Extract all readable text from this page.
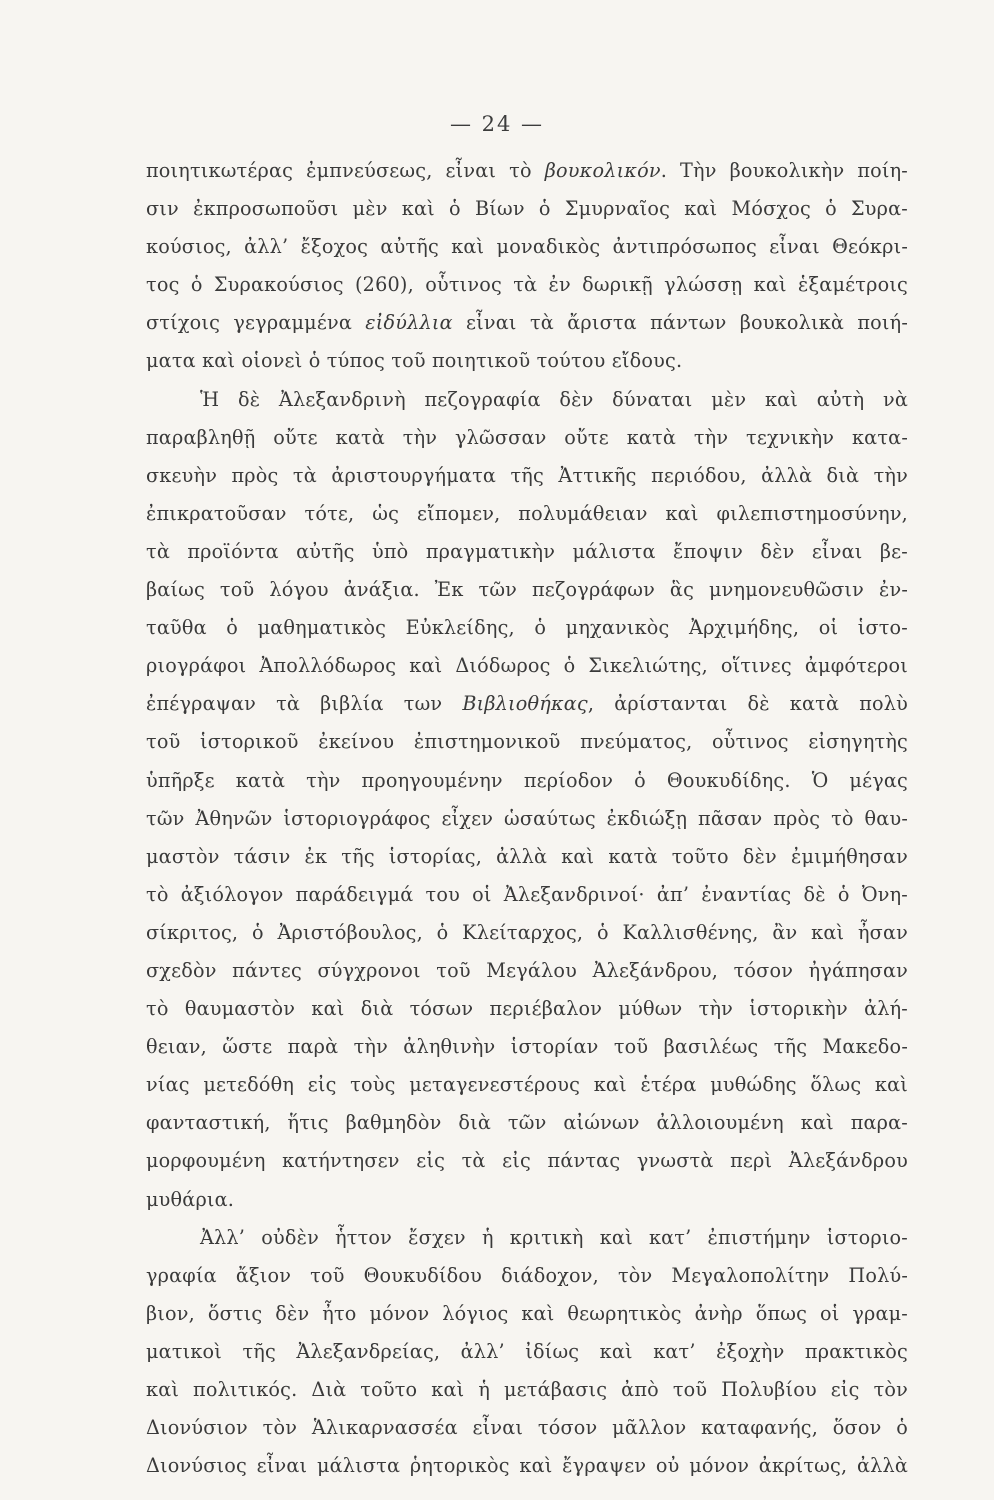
— 24 —
ποιητικωτέρας ἐμπνεύσεως, εἶναι τὸ βουκολικόν. Τὴν βουκολικὴν ποίη-
σιν ἐκπροσωποῦσι μὲν καὶ ὁ Βίων ὁ Σμυρναῖος καὶ Μόσχος ὁ Συρα-
κούσιος, ἀλλ’ ἔξοχος αὐτῆς καὶ μοναδικὸς ἀντιπρόσωπος εἶναι Θεόκρι-
τος ὁ Συρακούσιος (260), οὗτινος τὰ ἐν δωρικῇ γλώσσῃ καὶ ἑξαμέτροις
στίχοις γεγραμμένα εἰδύλλια εἶναι τὰ ἄριστα πάντων βουκολικὰ ποιή-
ματα καὶ οἱονεὶ ὁ τύπος τοῦ ποιητικοῦ τούτου εἴδους.
Ἡ δὲ Ἀλεξανδρινὴ πεζογραφία δὲν δύναται μὲν καὶ αὐτὴ νὰ
παραβληθῇ οὔτε κατὰ τὴν γλῶσσαν οὔτε κατὰ τὴν τεχνικὴν κατα-
σκευὴν πρὸς τὰ ἀριστουργήματα τῆς Ἀττικῆς περιόδου, ἀλλὰ διὰ τὴν
ἐπικρατοῦσαν τότε, ὡς εἴπομεν, πολυμάθειαν καὶ φιλεπιστημοσύνην,
τὰ προϊόντα αὐτῆς ὑπὸ πραγματικὴν μάλιστα ἔποψιν δὲν εἶναι βε-
βαίως τοῦ λόγου ἀνάξια. Ἐκ τῶν πεζογράφων ἃς μνημονευθῶσιν ἐν-
ταῦθα ὁ μαθηματικὸς Εὐκλείδης, ὁ μηχανικὸς Ἀρχιμήδης, οἱ ἱστο-
ριογράφοι Ἀπολλόδωρος καὶ Διόδωρος ὁ Σικελιώτης, οἵτινες ἀμφότεροι
ἐπέγραψαν τὰ βιβλία των Βιβλιοθήκας, ἀρίστανται δὲ κατὰ πολὺ
τοῦ ἱστορικοῦ ἐκείνου ἐπιστημονικοῦ πνεύματος, οὗτινος εἰσηγητὴς
ὑπῆρξε κατὰ τὴν προηγουμένην περίοδον ὁ Θουκυδίδης. Ὁ μέγας
τῶν Ἀθηνῶν ἱστοριογράφος εἶχεν ὡσαύτως ἐκδιώξῃ πᾶσαν πρὸς τὸ θαυ-
μαστὸν τάσιν ἐκ τῆς ἱστορίας, ἀλλὰ καὶ κατὰ τοῦτο δὲν ἐμιμήθησαν
τὸ ἀξιόλογον παράδειγμά του οἱ Ἀλεξανδρινοί· ἀπ’ ἐναντίας δὲ ὁ Ὀνη-
σίκριτος, ὁ Ἀριστόβουλος, ὁ Κλείταρχος, ὁ Καλλισθένης, ἂν καὶ ἦσαν
σχεδὸν πάντες σύγχρονοι τοῦ Μεγάλου Ἀλεξάνδρου, τόσον ἠγάπησαν
τὸ θαυμαστὸν καὶ διὰ τόσων περιέβαλον μύθων τὴν ἱστορικὴν ἀλή-
θειαν, ὥστε παρὰ τὴν ἀληθινὴν ἱστορίαν τοῦ βασιλέως τῆς Μακεδο-
νίας μετεδόθη εἰς τοὺς μεταγενεστέρους καὶ ἑτέρα μυθώδης ὅλως καὶ
φανταστική, ἥτις βαθμηδὸν διὰ τῶν αἰώνων ἀλλοιουμένη καὶ παρα-
μορφουμένη κατήντησεν εἰς τὰ εἰς πάντας γνωστὰ περὶ Ἀλεξάνδρου
μυθάρια.
Ἀλλ’ οὐδὲν ἧττον ἔσχεν ἡ κριτικὴ καὶ κατ’ ἐπιστήμην ἱστοριο-
γραφία ἄξιον τοῦ Θουκυδίδου διάδοχον, τὸν Μεγαλοπολίτην Πολύ-
βιον, ὅστις δὲν ἦτο μόνον λόγιος καὶ θεωρητικὸς ἀνὴρ ὅπως οἱ γραμ-
ματικοὶ τῆς Ἀλεξανδρείας, ἀλλ’ ἰδίως καὶ κατ’ ἐξοχὴν πρακτικὸς
καὶ πολιτικός. Διὰ τοῦτο καὶ ἡ μετάβασις ἀπὸ τοῦ Πολυβίου εἰς τὸν
Διονύσιον τὸν Ἁλικαρνασσέα εἶναι τόσον μᾶλλον καταφανής, ὅσον ὁ
Διονύσιος εἶναι μάλιστα ῥητορικὸς καὶ ἔγραψεν οὐ μόνον ἀκρίτως, ἀλλὰ
